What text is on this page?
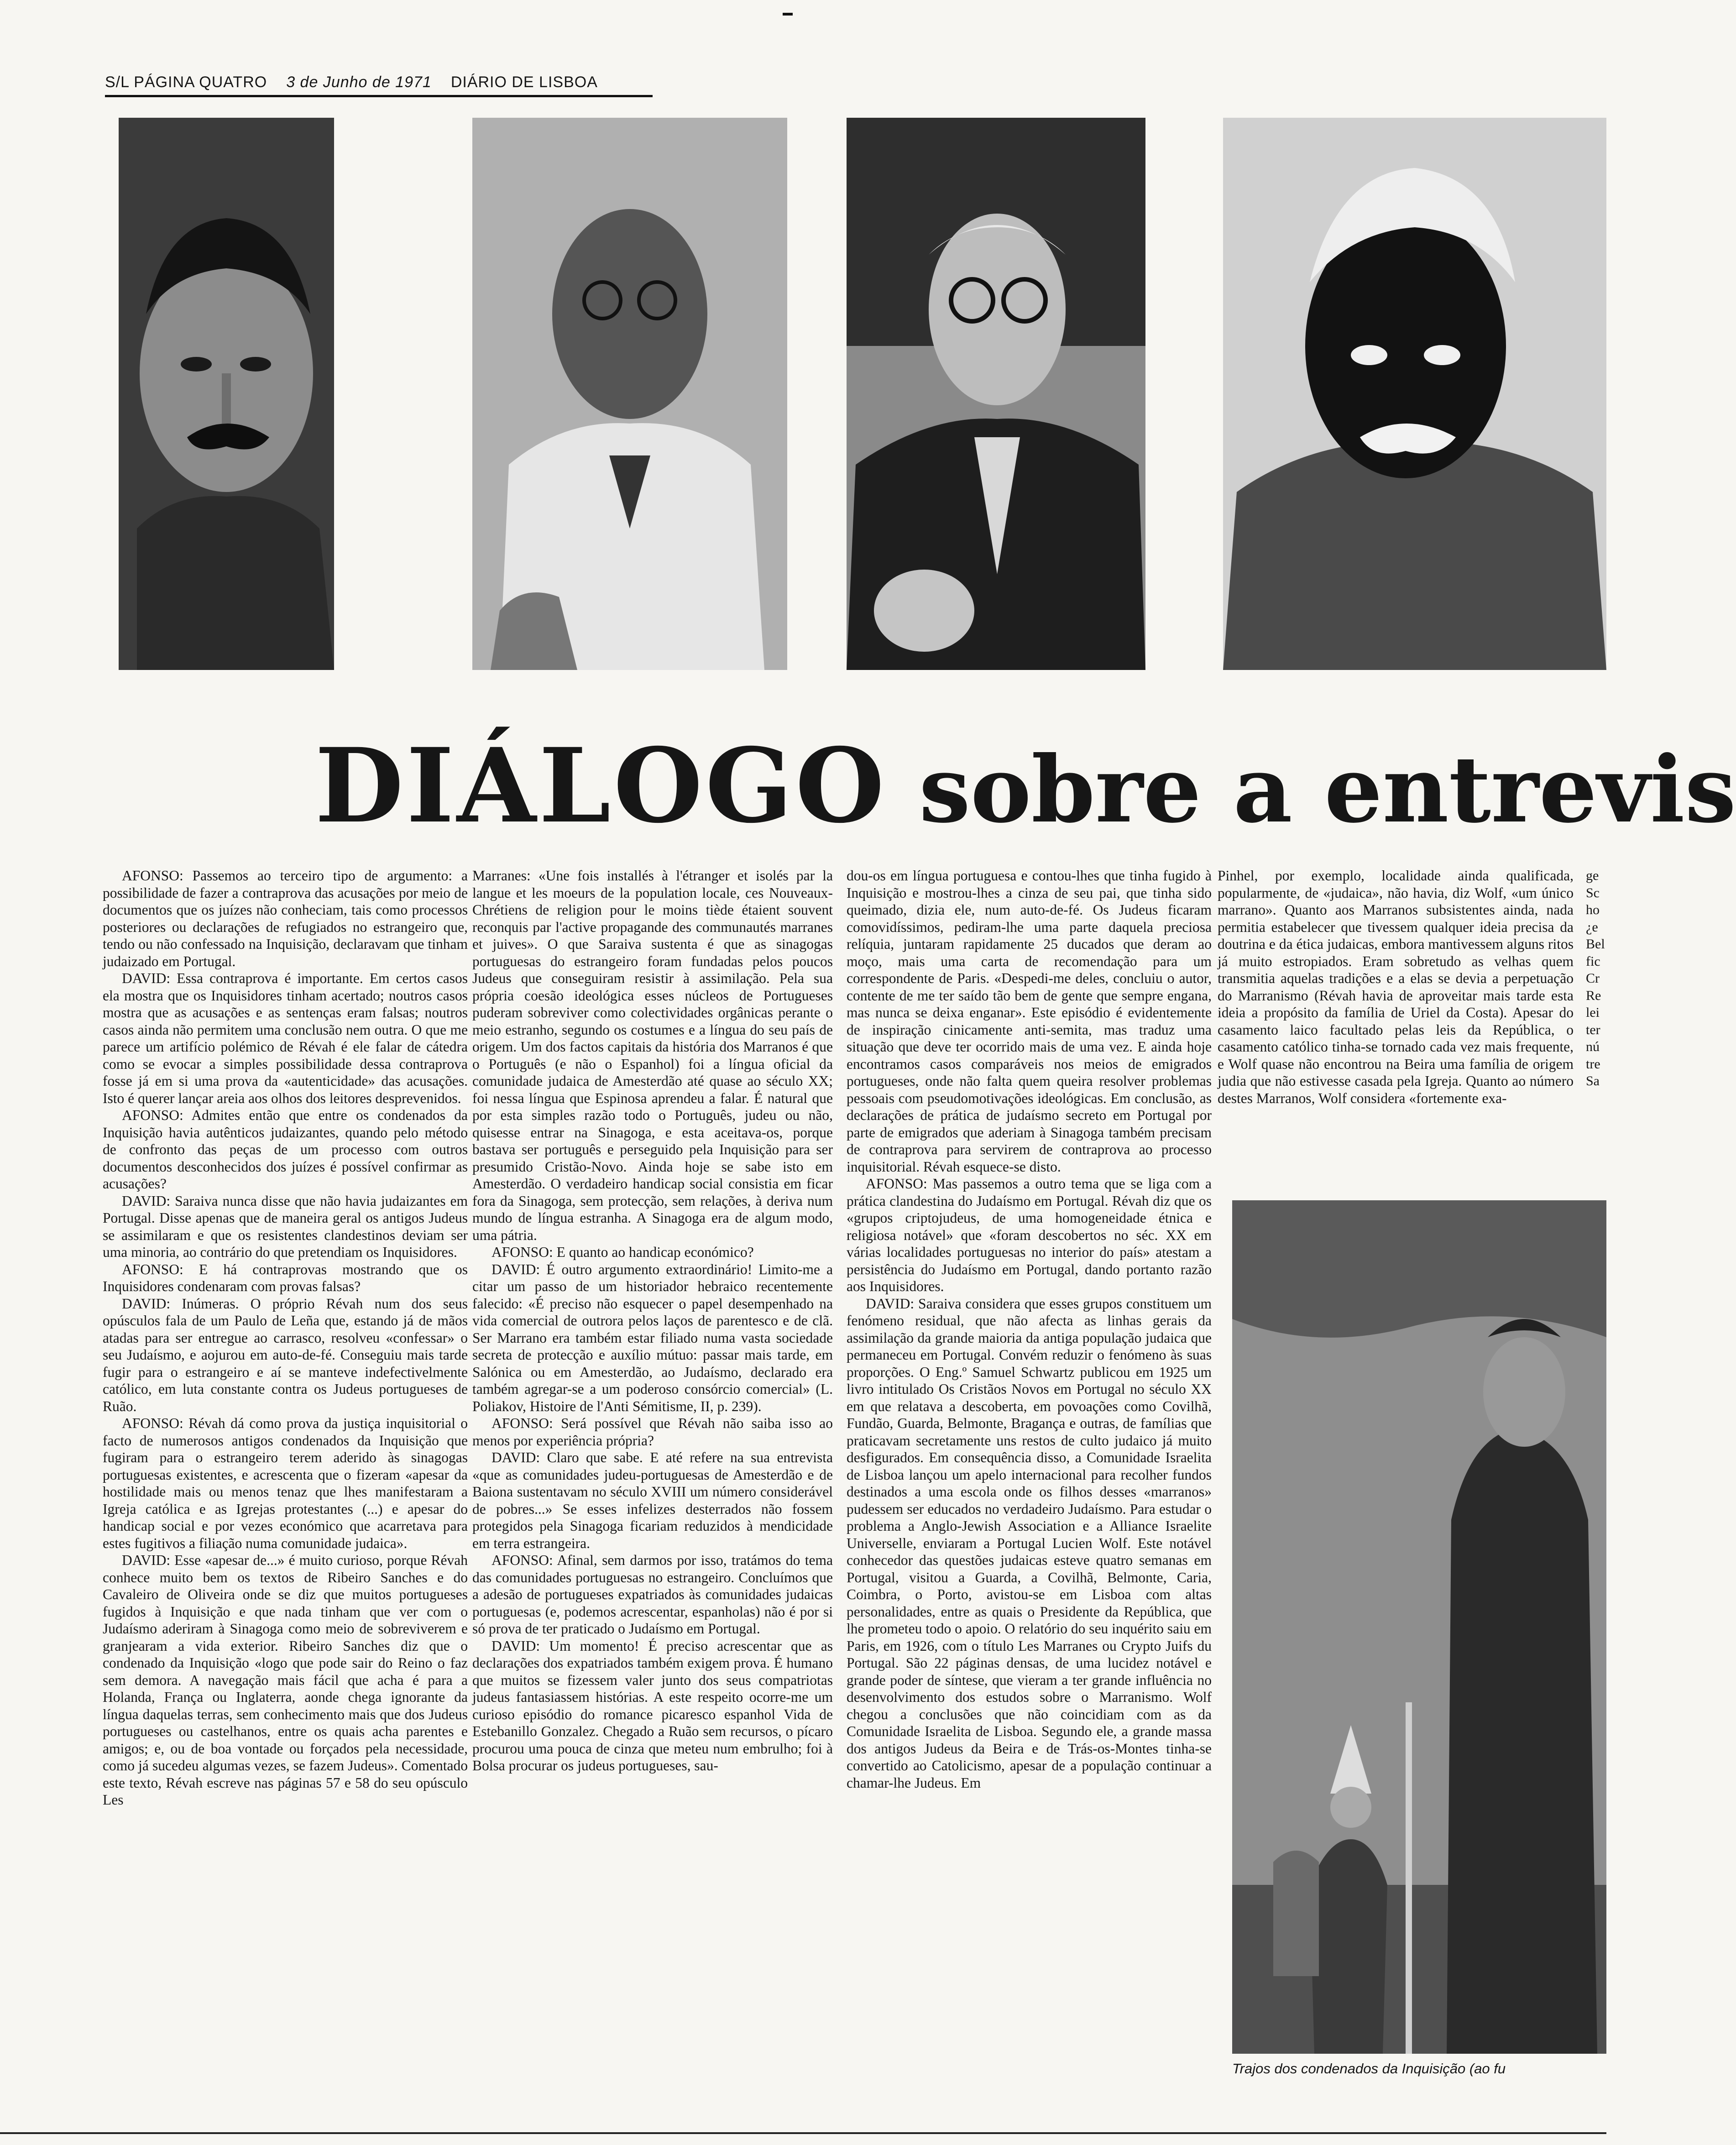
S/L PÁGINA QUATRO 3 de Junho de 1971 DIÁRIO DE LISBOA
DIÁLOGO sobre a entrevis

AFONSO: Passemos ao terceiro tipo de argumento: a possibilidade de fazer a contraprova das acusações por meio de documentos que os juízes não conheciam, tais como processos posteriores ou declarações de refugiados no estrangeiro que, tendo ou não confessado na Inquisição, declaravam que tinham judaizado em Portugal.

DAVID: Essa contraprova é importante. Em certos casos ela mostra que os Inquisidores tinham acertado; noutros casos mostra que as acusações e as sentenças eram falsas; noutros casos ainda não permitem uma conclusão nem outra. O que me parece um artifício polémico de Révah é ele falar de cátedra como se evocar a simples possibilidade dessa contraprova fosse já em si uma prova da «autenticidade» das acusações. Isto é querer lançar areia aos olhos dos leitores desprevenidos.

AFONSO: Admites então que entre os condenados da Inquisição havia autênticos judaizantes, quando pelo método de confronto das peças de um processo com outros documentos desconhecidos dos juízes é possível confirmar as acusações?

DAVID: Saraiva nunca disse que não havia judaizantes em Portugal. Disse apenas que de maneira geral os antigos Judeus se assimilaram e que os resistentes clandestinos deviam ser uma minoria, ao contrário do que pretendiam os Inquisidores.

AFONSO: E há contraprovas mostrando que os Inquisidores condenaram com provas falsas?

DAVID: Inúmeras. O próprio Révah num dos seus opúsculos fala de um Paulo de Leña que, estando já de mãos atadas para ser entregue ao carrasco, resolveu «confessar» o seu Judaísmo, e aojurou em auto-de-fé. Conseguiu mais tarde fugir para o estrangeiro e aí se manteve indefectivelmente católico, em luta constante contra os Judeus portugueses de Ruão.

AFONSO: Révah dá como prova da justiça inquisitorial o facto de numerosos antigos condenados da Inquisição que fugiram para o estrangeiro terem aderido às sinagogas portuguesas existentes, e acrescenta que o fizeram «apesar da hostilidade mais ou menos tenaz que lhes manifestaram a Igreja católica e as Igrejas protestantes (...) e apesar do handicap social e por vezes económico que acarretava para estes fugitivos a filiação numa comunidade judaica».

DAVID: Esse «apesar de...» é muito curioso, porque Révah conhece muito bem os textos de Ribeiro Sanches e do Cavaleiro de Oliveira onde se diz que muitos portugueses fugidos à Inquisição e que nada tinham que ver com o Judaísmo aderiram à Sinagoga como meio de sobreviverem e granjearam a vida exterior. Ribeiro Sanches diz que o condenado da Inquisição «logo que pode sair do Reino o faz sem demora. A navegação mais fácil que acha é para a Holanda, França ou Inglaterra, aonde chega ignorante da língua daquelas terras, sem conhecimento mais que dos Judeus portugueses ou castelhanos, entre os quais acha parentes e amigos; e, ou de boa vontade ou forçados pela necessidade, como já sucedeu algumas vezes, se fazem Judeus». Comentado este texto, Révah escreve nas páginas 57 e 58 do seu opúsculo Les

Marranes: «Une fois installés à l'étranger et isolés par la langue et les moeurs de la population locale, ces Nouveaux-Chrétiens de religion pour le moins tiède étaient souvent reconquis par l'active propagande des communautés marranes et juives». O que Saraiva sustenta é que as sinagogas portuguesas do estrangeiro foram fundadas pelos poucos Judeus que conseguiram resistir à assimilação. Pela sua própria coesão ideológica esses núcleos de Portugueses puderam sobreviver como colectividades orgânicas perante o meio estranho, segundo os costumes e a língua do seu país de origem. Um dos factos capitais da história dos Marranos é que o Português (e não o Espanhol) foi a língua oficial da comunidade judaica de Amesterdão até quase ao século XX; foi nessa língua que Espinosa aprendeu a falar. É natural que por esta simples razão todo o Português, judeu ou não, quisesse entrar na Sinagoga, e esta aceitava-os, porque bastava ser português e perseguido pela Inquisição para ser presumido Cristão-Novo. Ainda hoje se sabe isto em Amesterdão. O verdadeiro handicap social consistia em ficar fora da Sinagoga, sem protecção, sem relações, à deriva num mundo de língua estranha. A Sinagoga era de algum modo, uma pátria.

AFONSO: E quanto ao handicap económico?

DAVID: É outro argumento extraordinário! Limito-me a citar um passo de um historiador hebraico recentemente falecido: «É preciso não esquecer o papel desempenhado na vida comercial de outrora pelos laços de parentesco e de clã. Ser Marrano era também estar filiado numa vasta sociedade secreta de protecção e auxílio mútuo: passar mais tarde, em Salónica ou em Amesterdão, ao Judaísmo, declarado era também agregar-se a um poderoso consórcio comercial» (L. Poliakov, Histoire de l'Anti Sémitisme, II, p. 239).

AFONSO: Será possível que Révah não saiba isso ao menos por experiência própria?

DAVID: Claro que sabe. E até refere na sua entrevista «que as comunidades judeu-portuguesas de Amesterdão e de Baiona sustentavam no século XVIII um número considerável de pobres...» Se esses infelizes desterrados não fossem protegidos pela Sinagoga ficariam reduzidos à mendicidade em terra estrangeira.

AFONSO: Afinal, sem darmos por isso, tratámos do tema das comunidades portuguesas no estrangeiro. Concluímos que a adesão de portugueses expatriados às comunidades judaicas portuguesas (e, podemos acrescentar, espanholas) não é por si só prova de ter praticado o Judaísmo em Portugal.

DAVID: Um momento! É preciso acrescentar que as declarações dos expatriados também exigem prova. É humano que muitos se fizessem valer junto dos seus compatriotas judeus fantasiassem histórias. A este respeito ocorre-me um curioso episódio do romance picaresco espanhol Vida de Estebanillo Gonzalez. Chegado a Ruão sem recursos, o pícaro procurou uma pouca de cinza que meteu num embrulho; foi à Bolsa procurar os judeus portugueses, sau-

dou-os em língua portuguesa e contou-lhes que tinha fugido à Inquisição e mostrou-lhes a cinza de seu pai, que tinha sido queimado, dizia ele, num auto-de-fé. Os Judeus ficaram comovidíssimos, pediram-lhe uma parte daquela preciosa relíquia, juntaram rapidamente 25 ducados que deram ao moço, mais uma carta de recomendação para um correspondente de Paris. «Despedi-me deles, concluiu o autor, contente de me ter saído tão bem de gente que sempre engana, mas nunca se deixa enganar». Este episódio é evidentemente de inspiração cinicamente anti-semita, mas traduz uma situação que deve ter ocorrido mais de uma vez. E ainda hoje encontramos casos comparáveis nos meios de emigrados portugueses, onde não falta quem queira resolver problemas pessoais com pseudomotivações ideológicas. Em conclusão, as declarações de prática de judaísmo secreto em Portugal por parte de emigrados que aderiam à Sinagoga também precisam de contraprova para servirem de contraprova ao processo inquisitorial. Révah esquece-se disto.

AFONSO: Mas passemos a outro tema que se liga com a prática clandestina do Judaísmo em Portugal. Révah diz que os «grupos criptojudeus, de uma homogeneidade étnica e religiosa notável» que «foram descobertos no séc. XX em várias localidades portuguesas no interior do país» atestam a persistência do Judaísmo em Portugal, dando portanto razão aos Inquisidores.

DAVID: Saraiva considera que esses grupos constituem um fenómeno residual, que não afecta as linhas gerais da assimilação da grande maioria da antiga população judaica que permaneceu em Portugal. Convém reduzir o fenómeno às suas proporções. O Eng.º Samuel Schwartz publicou em 1925 um livro intitulado Os Cristãos Novos em Portugal no século XX em que relatava a descoberta, em povoações como Covilhã, Fundão, Guarda, Belmonte, Bragança e outras, de famílias que praticavam secretamente uns restos de culto judaico já muito desfigurados. Em consequência disso, a Comunidade Israelita de Lisboa lançou um apelo internacional para recolher fundos destinados a uma escola onde os filhos desses «marranos» pudessem ser educados no verdadeiro Judaísmo. Para estudar o problema a Anglo-Jewish Association e a Alliance Israelite Universelle, enviaram a Portugal Lucien Wolf. Este notável conhecedor das questões judaicas esteve quatro semanas em Portugal, visitou a Guarda, a Covilhã, Belmonte, Caria, Coimbra, o Porto, avistou-se em Lisboa com altas personalidades, entre as quais o Presidente da República, que lhe prometeu todo o apoio. O relatório do seu inquérito saiu em Paris, em 1926, com o título Les Marranes ou Crypto Juifs du Portugal. São 22 páginas densas, de uma lucidez notável e grande poder de síntese, que vieram a ter grande influência no desenvolvimento dos estudos sobre o Marranismo. Wolf chegou a conclusões que não coincidiam com as da Comunidade Israelita de Lisboa. Segundo ele, a grande massa dos antigos Judeus da Beira e de Trás-os-Montes tinha-se convertido ao Catolicismo, apesar de a população continuar a chamar-lhe Judeus. Em

Pinhel, por exemplo, localidade ainda qualificada, popularmente, de «judaica», não havia, diz Wolf, «um único marrano». Quanto aos Marranos subsistentes ainda, nada permitia estabelecer que tivessem qualquer ideia precisa da doutrina e da ética judaicas, embora mantivessem alguns ritos já muito estropiados. Eram sobretudo as velhas quem transmitia aquelas tradições e a elas se devia a perpetuação do Marranismo (Révah havia de aproveitar mais tarde esta ideia a propósito da família de Uriel da Costa). Apesar do casamento laico facultado pelas leis da República, o casamento católico tinha-se tornado cada vez mais frequente, e Wolf quase não encontrou na Beira uma família de origem judia que não estivesse casada pela Igreja. Quanto ao número destes Marranos, Wolf considera «fortemente exa-

ge
Sc
ho
¿e
Bel
fic
Cr
Re
lei
ter
nú
tre
Sa
Trajos dos condenados da Inquisição (ao fu
